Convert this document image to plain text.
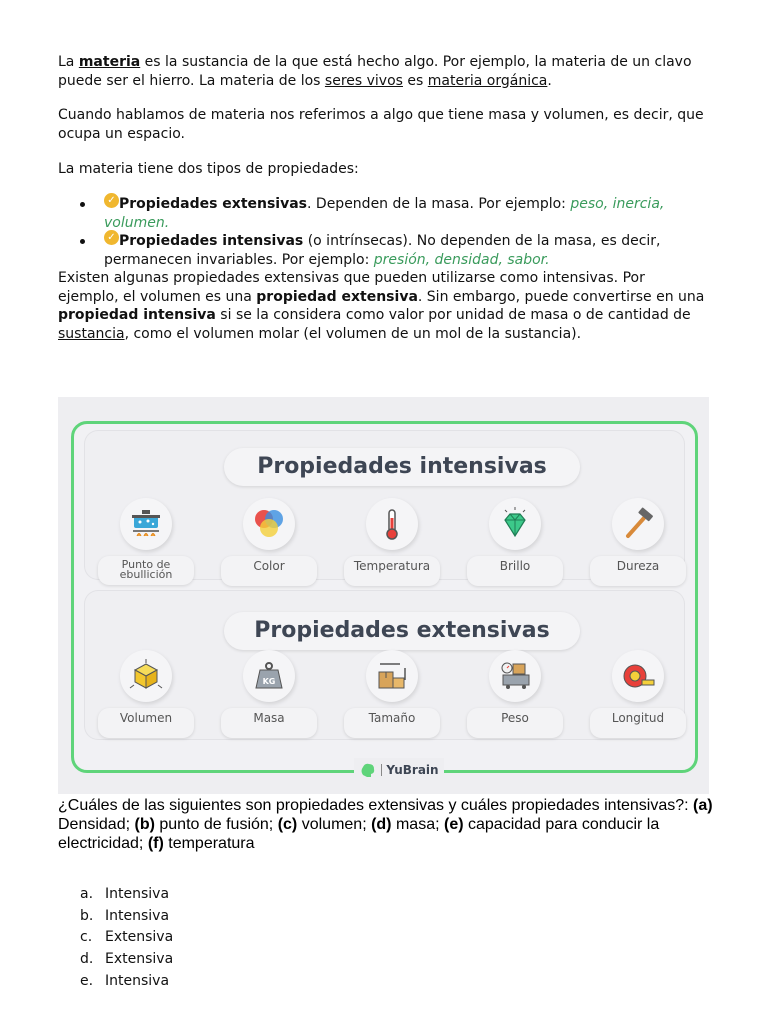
La materia es la sustancia de la que está hecho algo. Por ejemplo, la materia de un clavo puede ser el hierro. La materia de los seres vivos es materia orgánica.
Cuando hablamos de materia nos referimos a algo que tiene masa y volumen, es decir, que ocupa un espacio.
La materia tiene dos tipos de propiedades:
✓ Propiedades extensivas. Dependen de la masa. Por ejemplo: peso, inercia, volumen.
✓ Propiedades intensivas (o intrínsecas). No dependen de la masa, es decir, permanecen invariables. Por ejemplo: presión, densidad, sabor.
Existen algunas propiedades extensivas que pueden utilizarse como intensivas. Por ejemplo, el volumen es una propiedad extensiva. Sin embargo, puede convertirse en una propiedad intensiva si se la considera como valor por unidad de masa o de cantidad de sustancia, como el volumen molar (el volumen de un mol de la sustancia).
Propiedades intensivas
Punto de
ebullición
Color	Temperatura	Brillo	Dureza
Propiedades extensivas
Volumen
KG
Masa	Tamaño	Peso	Longitud
YuBrain
¿Cuáles de las siguientes son propiedades extensivas y cuáles propiedades intensivas?: (a) Densidad; (b) punto de fusión; (c) volumen; (d) masa; (e) capacidad para conducir la electricidad; (f) temperatura
a. Intensiva
b. Intensiva
c. Extensiva
d. Extensiva
e. Intensiva
